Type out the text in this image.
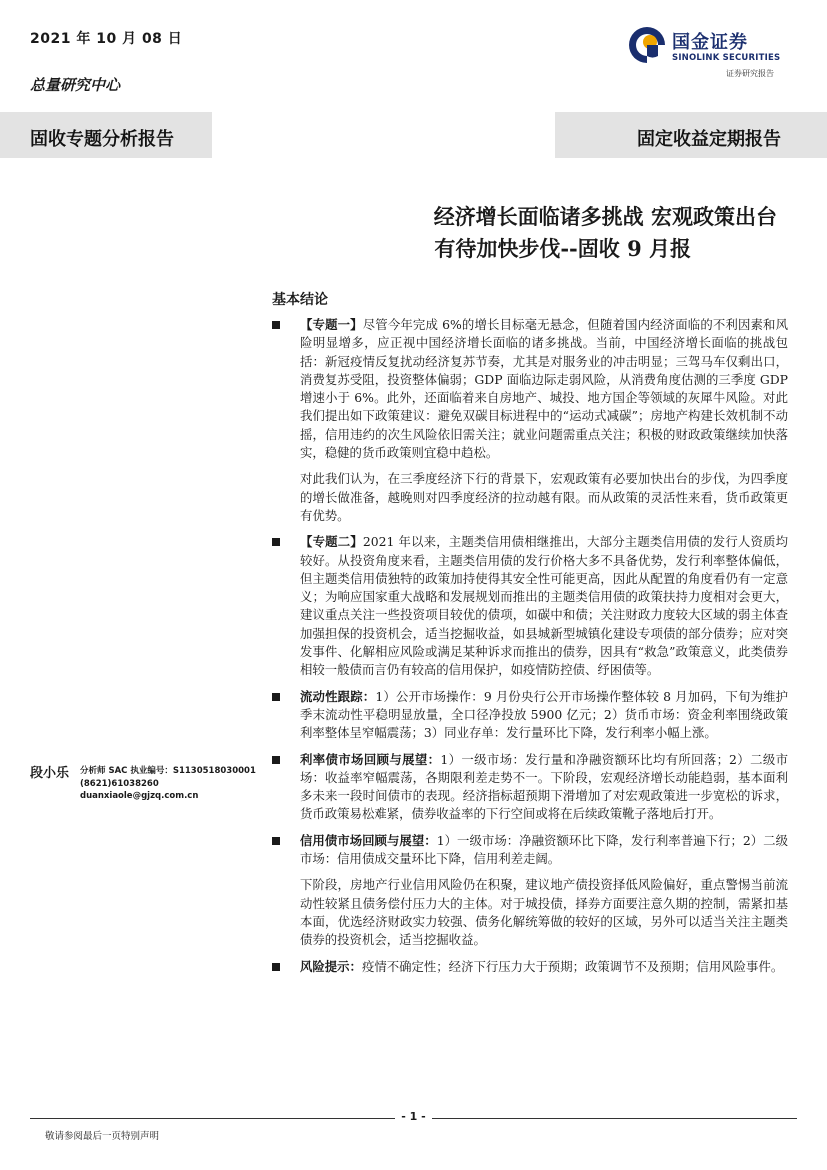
2021 年 10 月 08 日
总量研究中心
国金证券
SINOLINK SECURITIES
证券研究报告
固收专题分析报告	固定收益定期报告
经济增长面临诸多挑战 宏观政策出台
有待加快步伐--固收 9 月报
基本结论
【专题一】尽管今年完成 6%的增长目标毫无悬念，但随着国内经济面临的不利因素和风险明显增多，应正视中国经济增长面临的诸多挑战。当前，中国经济增长面临的挑战包括：新冠疫情反复扰动经济复苏节奏，尤其是对服务业的冲击明显；三驾马车仅剩出口，消费复苏受阻，投资整体偏弱；GDP 面临边际走弱风险，从消费角度估测的三季度 GDP 增速小于 6%。此外，还面临着来自房地产、城投、地方国企等领域的灰犀牛风险。对此我们提出如下政策建议：避免双碳目标进程中的“运动式减碳”；房地产构建长效机制不动摇，信用违约的次生风险依旧需关注；就业问题需重点关注；积极的财政政策继续加快落实，稳健的货币政策则宜稳中趋松。
对此我们认为，在三季度经济下行的背景下，宏观政策有必要加快出台的步伐，为四季度的增长做准备，越晚则对四季度经济的拉动越有限。而从政策的灵活性来看，货币政策更有优势。
【专题二】2021 年以来，主题类信用债相继推出，大部分主题类信用债的发行人资质均较好。从投资角度来看，主题类信用债的发行价格大多不具备优势，发行利率整体偏低，但主题类信用债独特的政策加持使得其安全性可能更高，因此从配置的角度看仍有一定意义；为响应国家重大战略和发展规划而推出的主题类信用债的政策扶持力度相对会更大，建议重点关注一些投资项目较优的债项，如碳中和债；关注财政力度较大区域的弱主体查加强担保的投资机会，适当挖掘收益，如县城新型城镇化建设专项债的部分债券；应对突发事件、化解相应风险或满足某种诉求而推出的债券，因具有“救急”政策意义，此类债券相较一般债而言仍有较高的信用保护，如疫情防控债、纾困债等。
流动性跟踪：1）公开市场操作：9 月份央行公开市场操作整体较 8 月加码，下旬为维护季末流动性平稳明显放量，全口径净投放 5900 亿元；2）货币市场：资金利率围绕政策利率整体呈窄幅震荡；3）同业存单：发行量环比下降，发行利率小幅上涨。
利率债市场回顾与展望：1）一级市场：发行量和净融资额环比均有所回落；2）二级市场：收益率窄幅震荡，各期限利差走势不一。下阶段，宏观经济增长动能趋弱，基本面利多未来一段时间债市的表现。经济指标超预期下滑增加了对宏观政策进一步宽松的诉求，货币政策易松难紧，债券收益率的下行空间或将在后续政策靴子落地后打开。
信用债市场回顾与展望：1）一级市场：净融资额环比下降，发行利率普遍下行；2）二级市场：信用债成交量环比下降，信用利差走阔。
下阶段，房地产行业信用风险仍在积聚，建议地产债投资择低风险偏好，重点警惕当前流动性较紧且债务偿付压力大的主体。对于城投债，择券方面要注意久期的控制，需紧扣基本面，优选经济财政实力较强、债务化解统筹做的较好的区域，另外可以适当关注主题类债券的投资机会，适当挖掘收益。
风险提示：疫情不确定性；经济下行压力大于预期；政策调节不及预期；信用风险事件。
段小乐 分析师 SAC 执业编号：S1130518030001
(8621)61038260
duanxiaole@gjzq.com.cn
- 1 -
敬请参阅最后一页特别声明
